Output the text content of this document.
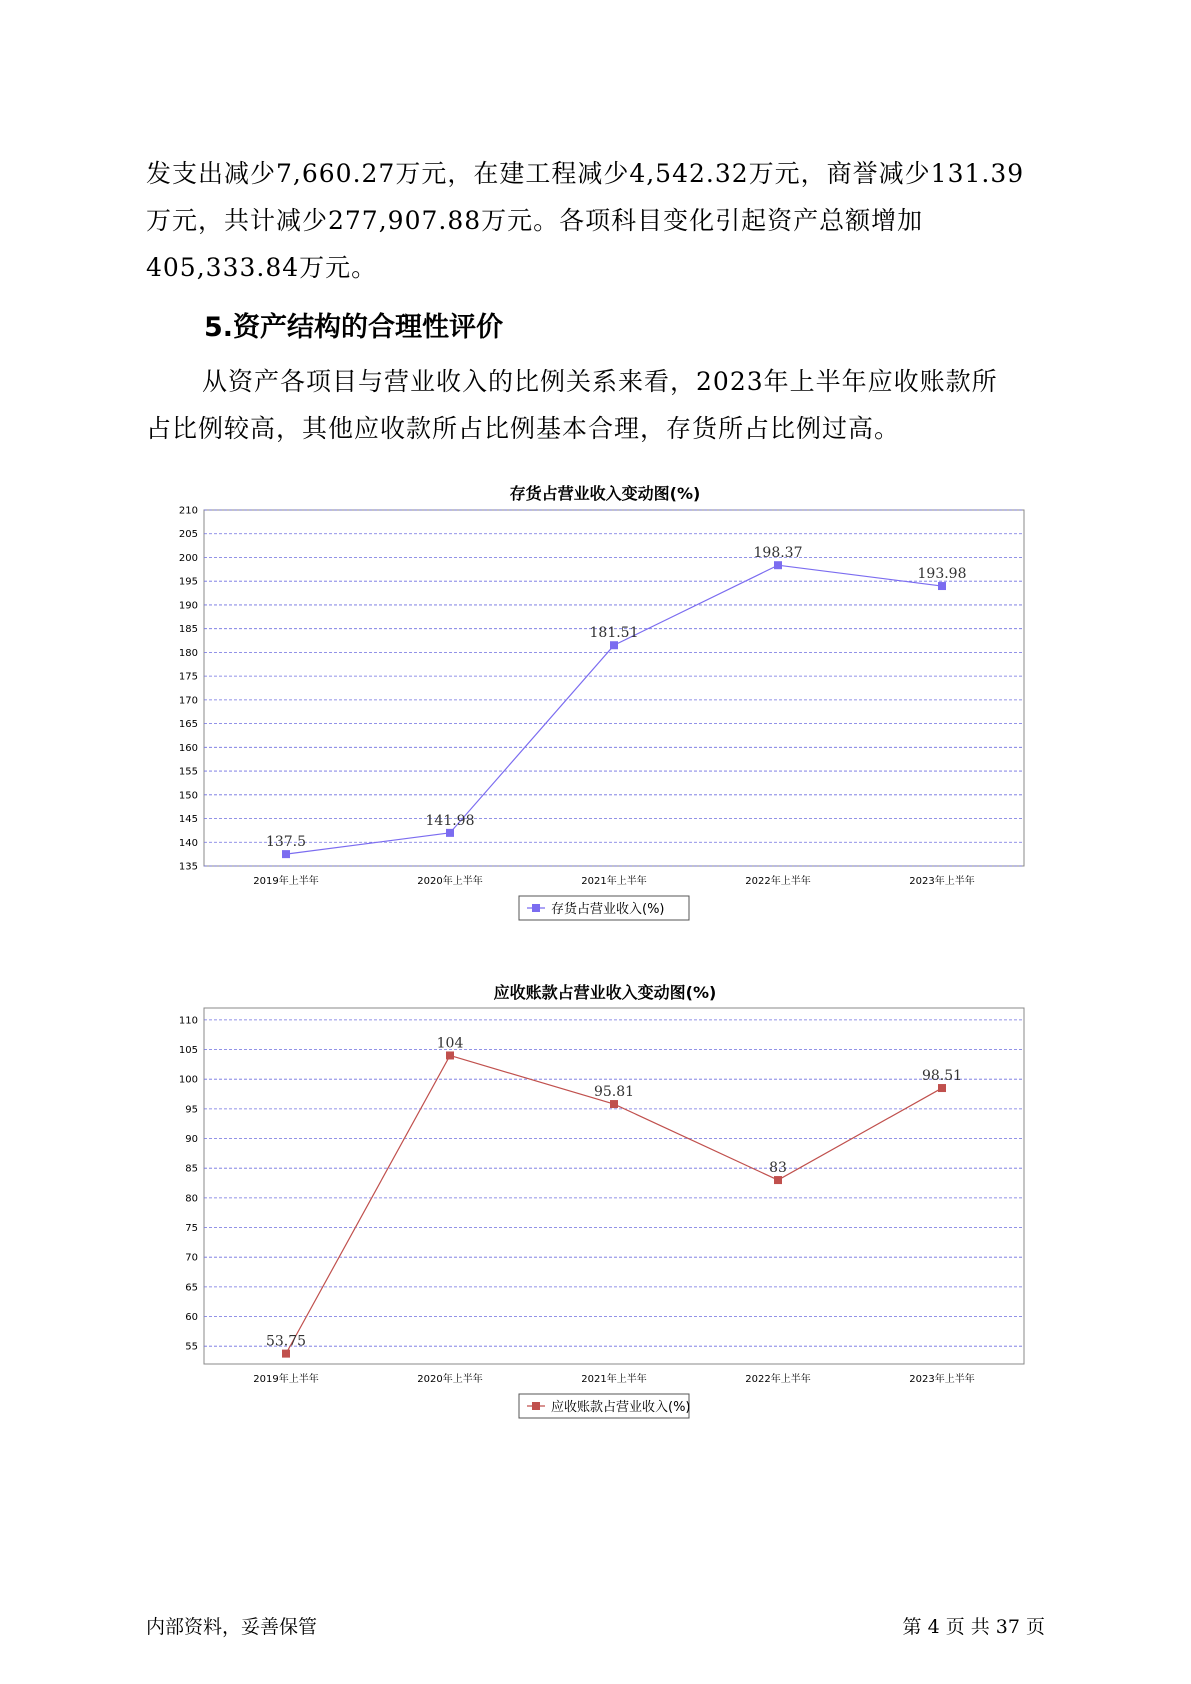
发支出减少7,660.27万元，在建工程减少4,542.32万元，商誉减少131.39

万元，共计减少277,907.88万元。各项科目变化引起资产总额增加

405,333.84万元。

5.资产结构的合理性评价

从资产各项目与营业收入的比例关系来看，2023年上半年应收账款所

占比例较高，其他应收款所占比例基本合理，存货所占比例过高。

存货占营业收入变动图(%)
135
140
145
150
155
160
165
170
175
180
185
190
195
200
205
210
2019年上半年	2020年上半年	2021年上半年	2022年上半年	2023年上半年
137.5
141.98
181.51
198.37
193.98
存货占营业收入(%)
应收账款占营业收入变动图(%)
55
60
65
70
75
80
85
90
95
100
105
110
2019年上半年	2020年上半年	2021年上半年	2022年上半年	2023年上半年
53.75
104
95.81
83
98.51
应收账款占营业收入(%)
内部资料，妥善保管	第 4 页 共 37 页
